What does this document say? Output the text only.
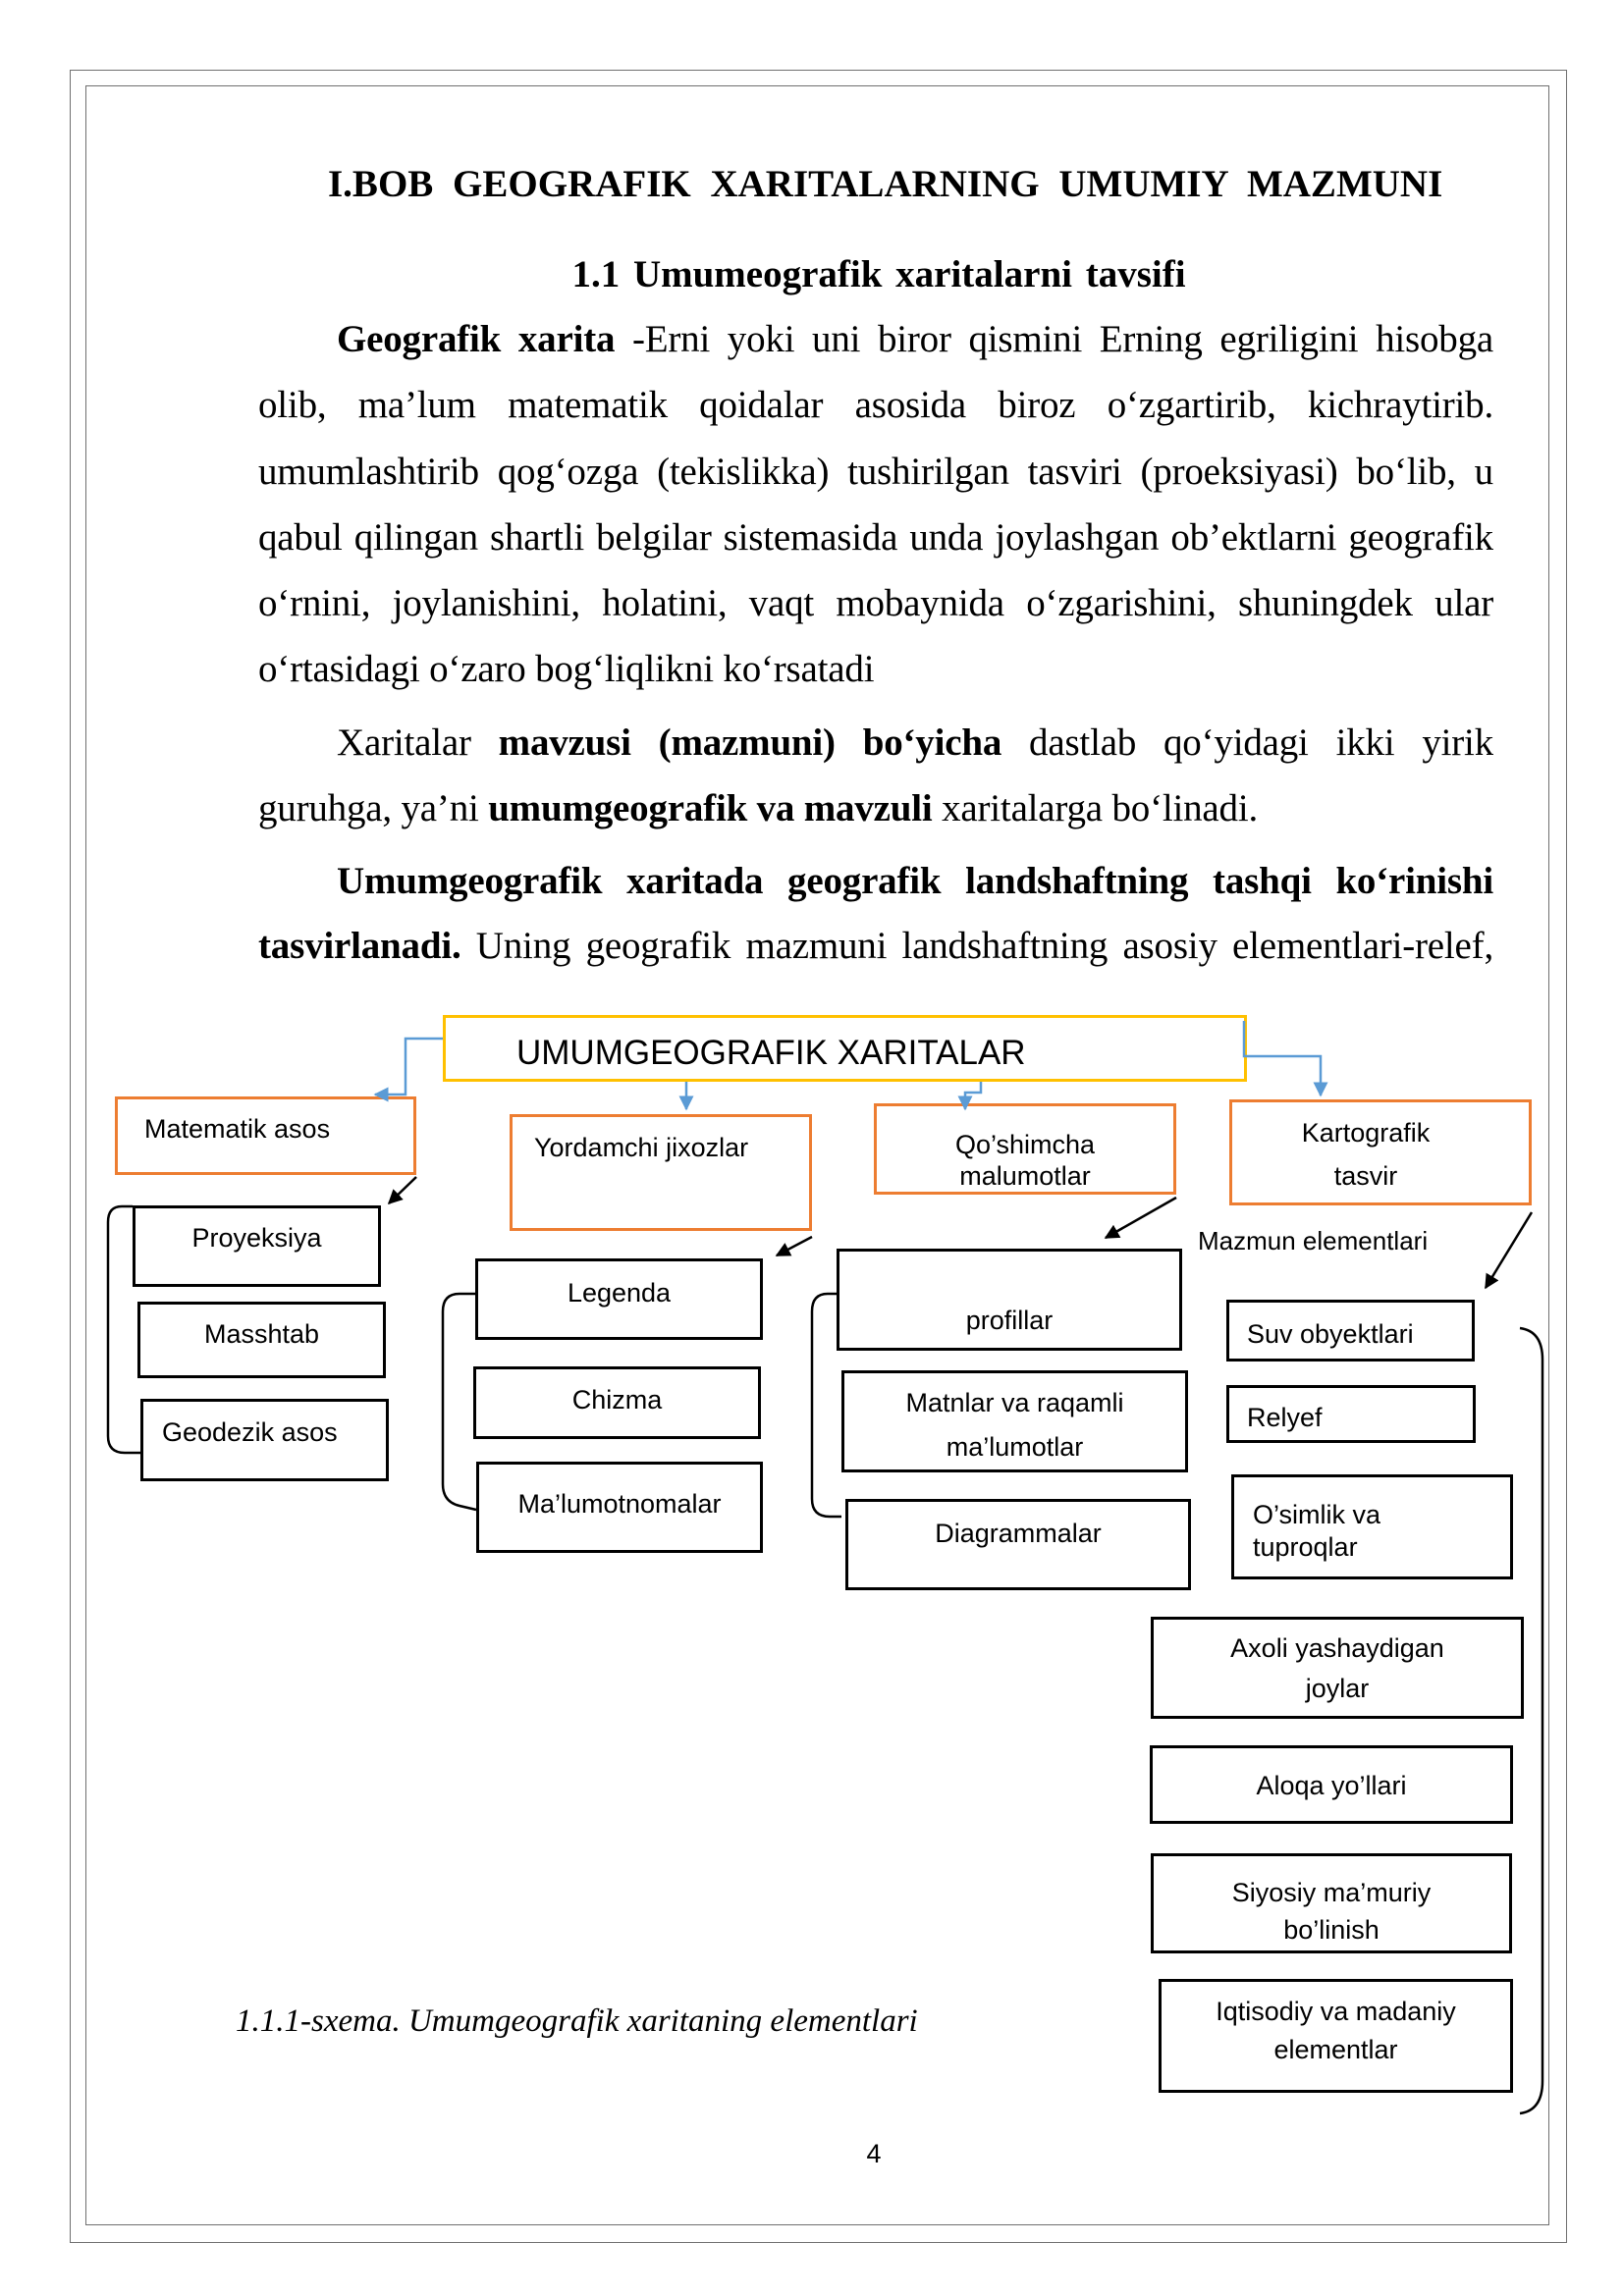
I.BOB GEOGRAFIK XARITALARNING UMUMIY MAZMUNI
1.1 Umumeografik xaritalarni tavsifi
Geografik xarita -Erni yoki uni biror qismini Erning egriligini hisobga
olib, ma’lum matematik qoidalar asosida biroz o‘zgartirib, kichraytirib.
umumlashtirib qog‘ozga (tekislikka) tushirilgan tasviri (proeksiyasi) bo‘lib, u
qabul qilingan shartli belgilar sistemasida unda joylashgan ob’ektlarni geografik
o‘rnini, joylanishini, holatini, vaqt mobaynida o‘zgarishini, shuningdek ular
o‘rtasidagi o‘zaro bog‘liqlikni ko‘rsatadi
Xaritalar mavzusi (mazmuni) bo‘yicha dastlab qo‘yidagi ikki yirik
guruhga, ya’ni umumgeografik va mavzuli xaritalarga bo‘linadi.
Umumgeografik xaritada geografik landshaftning tashqi ko‘rinishi
tasvirlanadi. Uning geografik mazmuni landshaftning asosiy elementlari-relef,
UMUMGEOGRAFIK XARITALAR
Matematik asos
Yordamchi jixozlar	Qo’shimcha
malumotlar
Kartografik
tasvir
Mazmun elementlari
Proyeksiya
Masshtab
Geodezik asos
Legenda
Chizma
Ma’lumotnomalar
profillar
Matnlar va raqamli
ma’lumotlar
Diagrammalar
Suv obyektlari
Relyef
O’simlik va
tuproqlar
Axoli yashaydigan
joylar
Aloqa yo’llari
Siyosiy ma’muriy
bo’linish
Iqtisodiy va madaniy
elementlar
1.1.1-sxema. Umumgeografik xaritaning elementlari
4
